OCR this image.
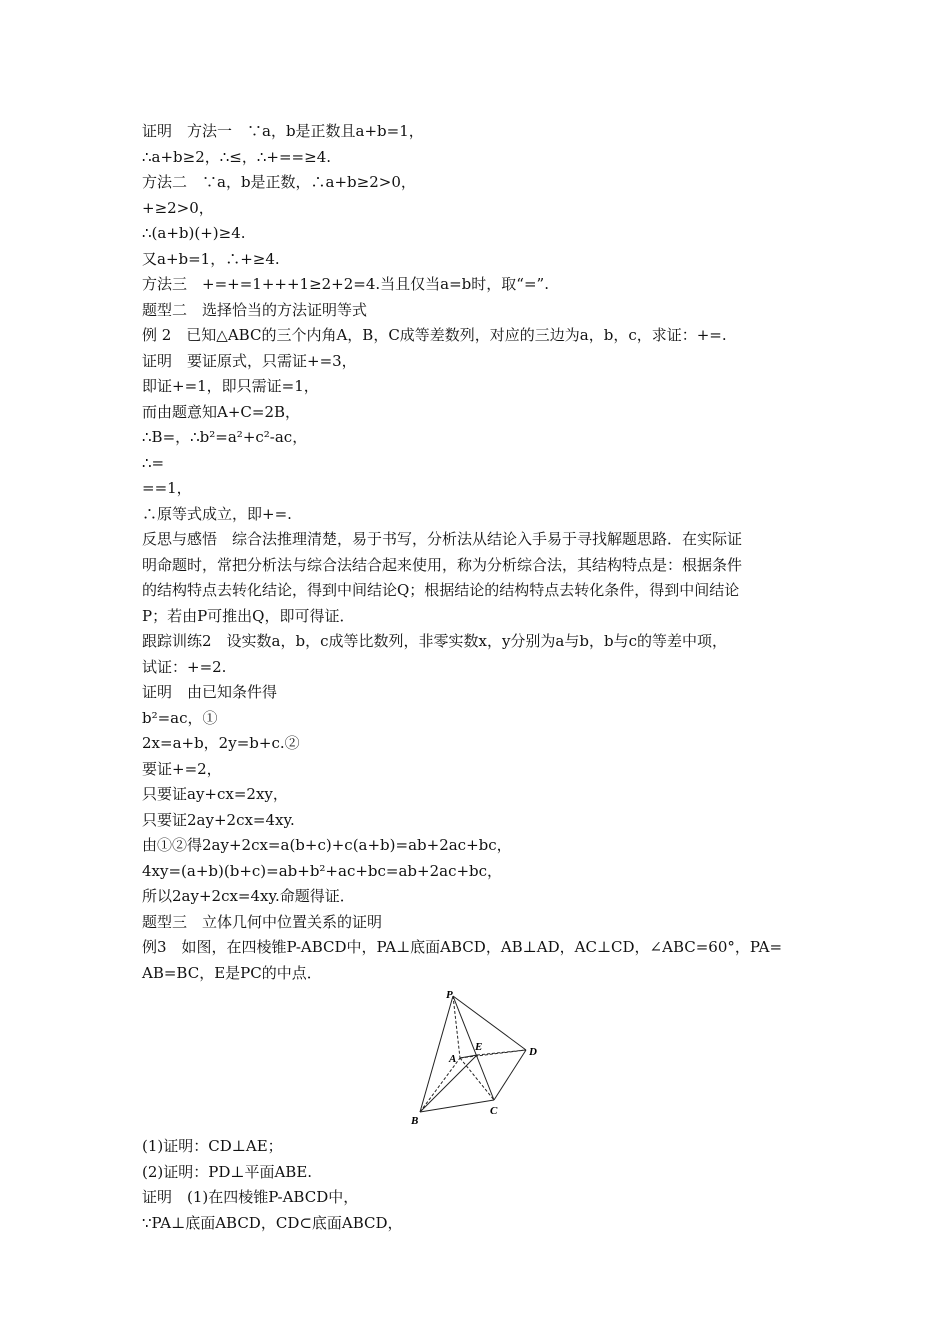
证明　方法一　∵a，b是正数且a+b=1，
∴a+b≥2，∴≤，∴+==≥4.
方法二　∵a，b是正数，∴a+b≥2>0，
+≥2>0，
∴(a+b)(+)≥4.
又a+b=1，∴+≥4.
方法三　+=+=1+++1≥2+2=4.当且仅当a=b时，取“=”.
题型二　选择恰当的方法证明等式
例 2　已知△ABC的三个内角A，B，C成等差数列，对应的三边为a，b，c，求证：+=.
证明　要证原式，只需证+=3，
即证+=1，即只需证=1，
而由题意知A+C=2B，
∴B=，∴b²=a²+c²-ac，
∴=
==1，
∴原等式成立，即+=.
反思与感悟　综合法推理清楚，易于书写，分析法从结论入手易于寻找解题思路．在实际证
明命题时，常把分析法与综合法结合起来使用，称为分析综合法，其结构特点是：根据条件
的结构特点去转化结论，得到中间结论Q；根据结论的结构特点去转化条件，得到中间结论
P；若由P可推出Q，即可得证．
跟踪训练2　设实数a，b，c成等比数列，非零实数x，y分别为a与b，b与c的等差中项，
试证：+=2.
证明　由已知条件得
b²=ac，①
2x=a+b，2y=b+c.②
要证+=2，
只要证ay+cx=2xy，
只要证2ay+2cx=4xy.
由①②得2ay+2cx=a(b+c)+c(a+b)=ab+2ac+bc，
4xy=(a+b)(b+c)=ab+b²+ac+bc=ab+2ac+bc，
所以2ay+2cx=4xy.命题得证．
题型三　立体几何中位置关系的证明
例3　如图，在四棱锥P-ABCD中，PA⊥底面ABCD，AB⊥AD，AC⊥CD，∠ABC=60°，PA=
AB=BC，E是PC的中点．
P
A
E	D
B
C
(1)证明：CD⊥AE；
(2)证明：PD⊥平面ABE.
证明　(1)在四棱锥P-ABCD中，
∵PA⊥底面ABCD，CD⊂底面ABCD，
